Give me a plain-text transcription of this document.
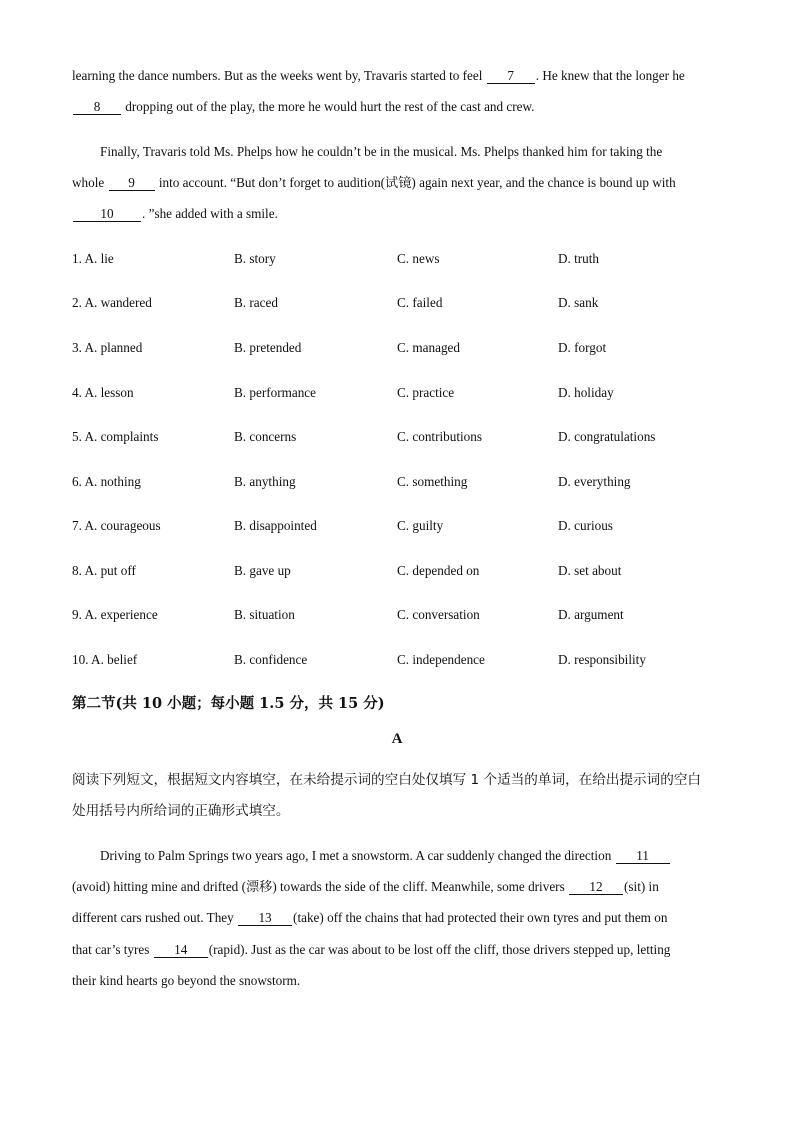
learning the dance numbers. But as the weeks went by, Travaris started to feel 7 . He knew that the longer he
8 dropping out of the play, the more he would hurt the rest of the cast and crew.
Finally, Travaris told Ms. Phelps how he couldn’t be in the musical. Ms. Phelps thanked him for taking the
whole 9 into account. “But don’t forget to audition(试镜) again next year, and the chance is bound up with
10 . ”she added with a smile.
1. A. lie	B. story	C. news	D. truth
2. A. wandered	B. raced	C. failed	D. sank
3. A. planned	B. pretended	C. managed	D. forgot
4. A. lesson	B. performance	C. practice	D. holiday
5. A. complaints	B. concerns	C. contributions	D. congratulations
6. A. nothing	B. anything	C. something	D. everything
7. A. courageous	B. disappointed	C. guilty	D. curious
8. A. put off	B. gave up	C. depended on	D. set about
9. A. experience	B. situation	C. conversation	D. argument
10. A. belief	B. confidence	C. independence	D. responsibility
第二节(共 10 小题；每小题 1.5 分，共 15 分)
A
阅读下列短文，根据短文内容填空，在未给提示词的空白处仅填写 1 个适当的单词，在给出提示词的空白
处用括号内所给词的正确形式填空。
Driving to Palm Springs two years ago, I met a snowstorm. A car suddenly changed the direction 11
(avoid) hitting mine and drifted (漂移) towards the side of the cliff. Meanwhile, some drivers 12 (sit) in
different cars rushed out. They 13 (take) off the chains that had protected their own tyres and put them on
that car’s tyres 14 (rapid). Just as the car was about to be lost off the cliff, those drivers stepped up, letting
their kind hearts go beyond the snowstorm.
